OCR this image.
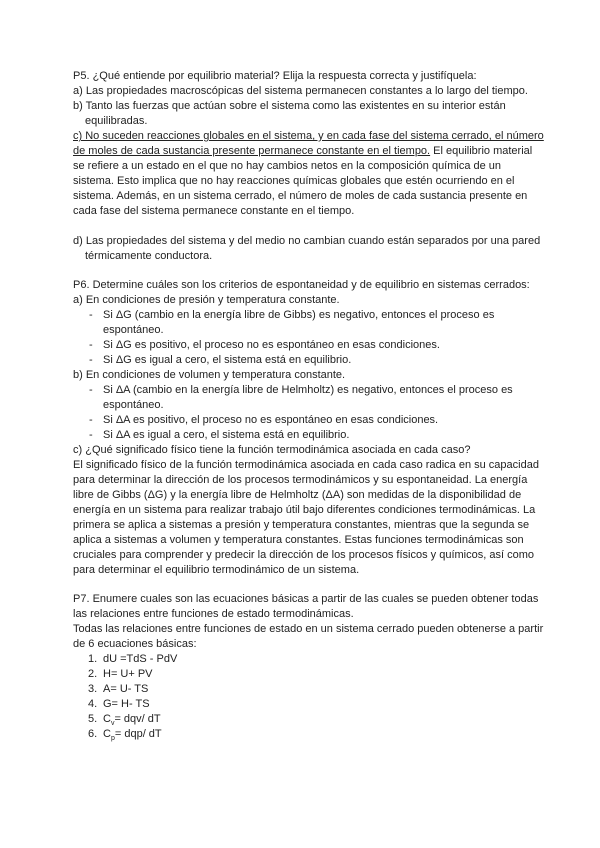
P5. ¿Qué entiende por equilibrio material? Elija la respuesta correcta y justifíquela:

a) Las propiedades macroscópicas del sistema permanecen constantes a lo largo del tiempo.

b) Tanto las fuerzas que actúan sobre el sistema como las existentes en su interior están equilibradas.

c) No suceden reacciones globales en el sistema, y en cada fase del sistema cerrado, el número de moles de cada sustancia presente permanece constante en el tiempo. El equilibrio material se refiere a un estado en el que no hay cambios netos en la composición química de un sistema. Esto implica que no hay reacciones químicas globales que estén ocurriendo en el sistema. Además, en un sistema cerrado, el número de moles de cada sustancia presente en cada fase del sistema permanece constante en el tiempo.

d) Las propiedades del sistema y del medio no cambian cuando están separados por una pared térmicamente conductora.

P6. Determine cuáles son los criterios de espontaneidad y de equilibrio en sistemas cerrados:

a) En condiciones de presión y temperatura constante.

- Si ΔG (cambio en la energía libre de Gibbs) es negativo, entonces el proceso es espontáneo.

- Si ΔG es positivo, el proceso no es espontáneo en esas condiciones.

- Si ΔG es igual a cero, el sistema está en equilibrio.

b) En condiciones de volumen y temperatura constante.

- Si ΔA (cambio en la energía libre de Helmholtz) es negativo, entonces el proceso es espontáneo.

- Si ΔA es positivo, el proceso no es espontáneo en esas condiciones.

- Si ΔA es igual a cero, el sistema está en equilibrio.

c) ¿Qué significado físico tiene la función termodinámica asociada en cada caso?

El significado físico de la función termodinámica asociada en cada caso radica en su capacidad para determinar la dirección de los procesos termodinámicos y su espontaneidad. La energía libre de Gibbs (ΔG) y la energía libre de Helmholtz (ΔA) son medidas de la disponibilidad de energía en un sistema para realizar trabajo útil bajo diferentes condiciones termodinámicas. La primera se aplica a sistemas a presión y temperatura constantes, mientras que la segunda se aplica a sistemas a volumen y temperatura constantes. Estas funciones termodinámicas son cruciales para comprender y predecir la dirección de los procesos físicos y químicos, así como para determinar el equilibrio termodinámico de un sistema.

P7. Enumere cuales son las ecuaciones básicas a partir de las cuales se pueden obtener todas las relaciones entre funciones de estado termodinámicas.

Todas las relaciones entre funciones de estado en un sistema cerrado pueden obtenerse a partir de 6 ecuaciones básicas:

1. dU =TdS - PdV

2. H= U+ PV

3. A= U- TS

4. G= H- TS

5. $C_v= dqv/$ dT

6. $C_p= dqp/$ dT
